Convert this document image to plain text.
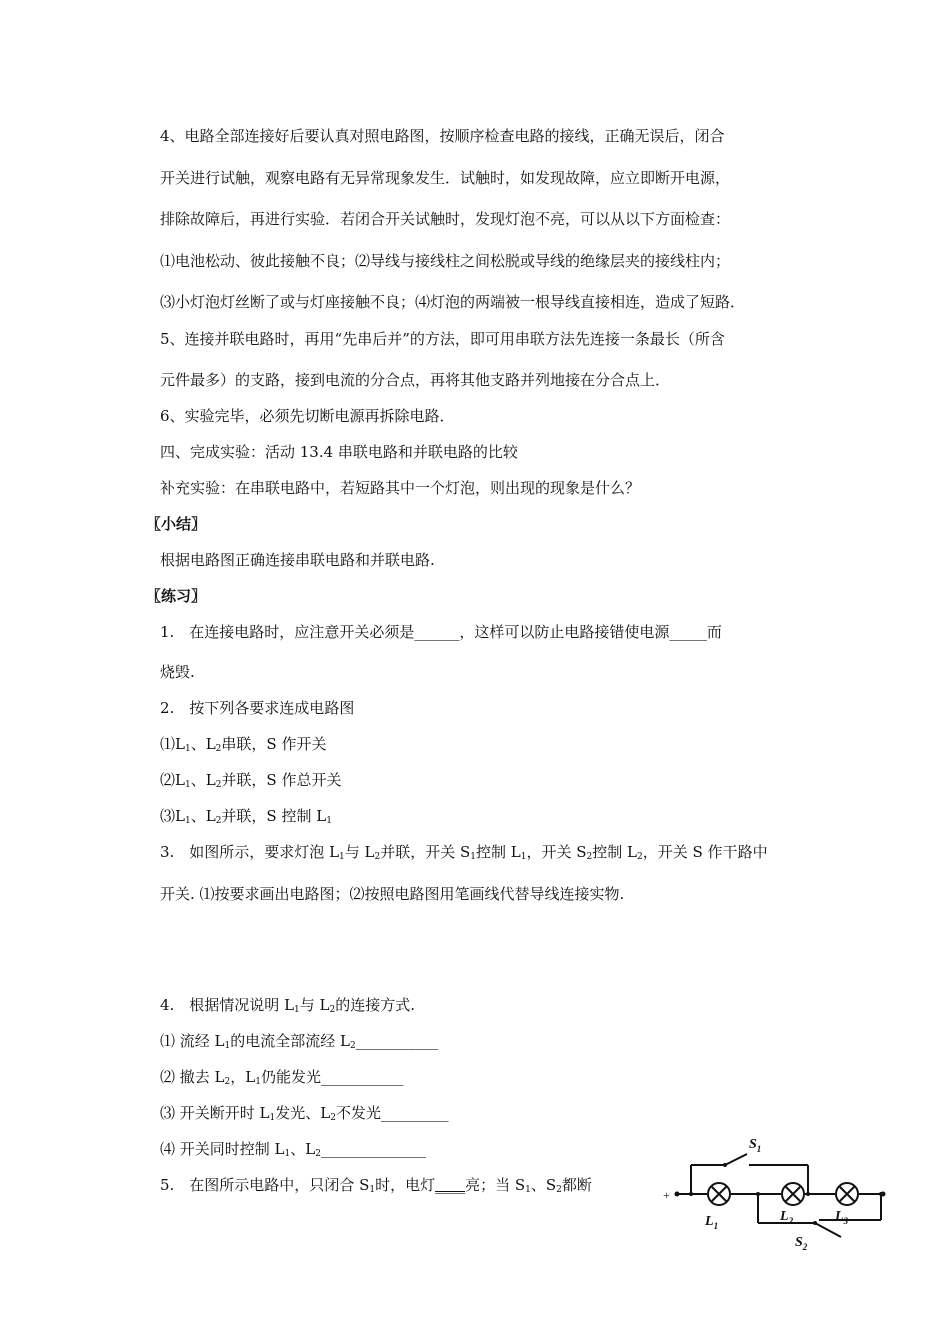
4、电路全部连接好后要认真对照电路图，按顺序检查电路的接线，正确无误后，闭合
开关进行试触，观察电路有无异常现象发生．试触时，如发现故障，应立即断开电源，
排除故障后，再进行实验．若闭合开关试触时，发现灯泡不亮，可以从以下方面检查：
⑴电池松动、彼此接触不良；⑵导线与接线柱之间松脱或导线的绝缘层夹的接线柱内；
⑶小灯泡灯丝断了或与灯座接触不良；⑷灯泡的两端被一根导线直接相连，造成了短路．
5、连接并联电路时，再用“先串后并”的方法，即可用串联方法先连接一条最长（所含
元件最多）的支路，接到电流的分合点，再将其他支路并列地接在分合点上．
6、实验完毕，必须先切断电源再拆除电路．
四、完成实验：活动 13.4 串联电路和并联电路的比较
补充实验：在串联电路中，若短路其中一个灯泡，则出现的现象是什么？
〖小结〗
根据电路图正确连接串联电路和并联电路.
〖练习〗
1.　在连接电路时，应注意开关必须是______，这样可以防止电路接错使电源_____而
烧毁.
2.　按下列各要求连成电路图
$⑴L_1$、$L_2$串联，S 作开关
$⑵L_1$、$L_2$并联，S 作总开关
$⑶L_1$、$L_2$并联，S 控制 $L_1$
3.　如图所示，要求灯泡 $L_1$与 $L_2$并联，开关 $S_1$控制 $L_1$，开关 $S_2$控制 $L_2$，开关 S 作干路中
开关. ⑴按要求画出电路图；⑵按照电路图用笔画线代替导线连接实物.
4.　根据情况说明 $L_1$与 $L_2$的连接方式.
⑴ 流经 $L_1$的电流全部流经 $L_2\_\_\_\_\_\_\_\_\_\_\_$
⑵ 撤去 $L_2$，$L_1$仍能发光___________
⑶ 开关断开时 $L_1$发光、$L_2$不发光_________
⑷ 开关同时控制 $L_1$、$L_2\_\_\_\_\_\_\_\_\_\_\_\_\_\_$
5.　在图所示电路中，只闭合 $S_1$时，电灯____亮；当 $S_1$、$S_2$都断
+
$S_1$
$L_1$
$L_2$	$L_3$
$S_2$
